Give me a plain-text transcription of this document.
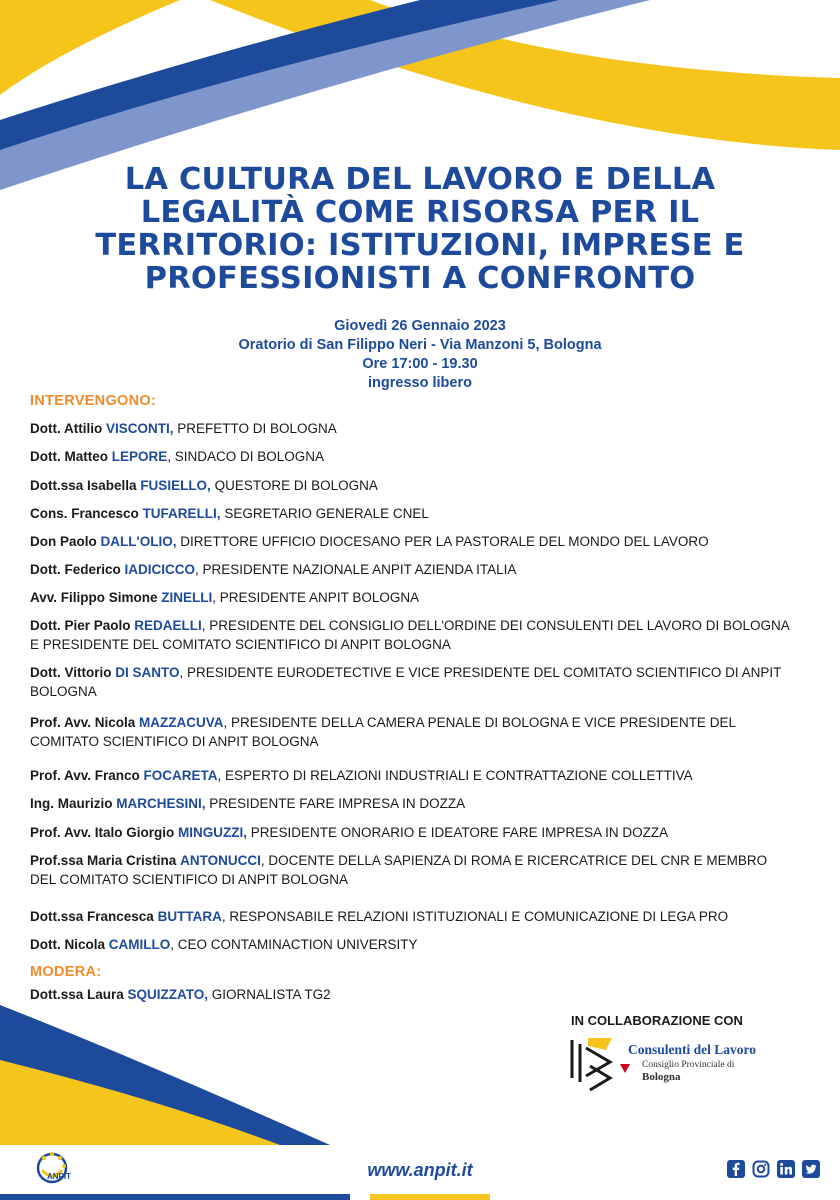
LA CULTURA DEL LAVORO E DELLA LEGALITÀ COME RISORSA PER IL TERRITORIO: ISTITUZIONI, IMPRESE E PROFESSIONISTI A CONFRONTO
Giovedì 26 Gennaio 2023
Oratorio di San Filippo Neri - Via Manzoni 5, Bologna
Ore 17:00 - 19.30
ingresso libero
INTERVENGONO:
Dott. Attilio VISCONTI, PREFETTO DI BOLOGNA
Dott. Matteo LEPORE, SINDACO DI BOLOGNA
Dott.ssa Isabella FUSIELLO, QUESTORE DI BOLOGNA
Cons. Francesco TUFARELLI, SEGRETARIO GENERALE CNEL
Don Paolo DALL'OLIO, DIRETTORE UFFICIO DIOCESANO PER LA PASTORALE DEL MONDO DEL LAVORO
Dott. Federico IADICICCO, PRESIDENTE NAZIONALE ANPIT AZIENDA ITALIA
Avv. Filippo Simone ZINELLI, PRESIDENTE ANPIT BOLOGNA
Dott. Pier Paolo REDAELLI, PRESIDENTE DEL CONSIGLIO DELL'ORDINE DEI CONSULENTI DEL LAVORO DI BOLOGNA E PRESIDENTE DEL COMITATO SCIENTIFICO DI ANPIT BOLOGNA
Dott. Vittorio DI SANTO, PRESIDENTE EURODETECTIVE E VICE PRESIDENTE DEL COMITATO SCIENTIFICO DI ANPIT BOLOGNA
Prof. Avv. Nicola MAZZACUVA, PRESIDENTE DELLA CAMERA PENALE DI BOLOGNA E VICE PRESIDENTE DEL COMITATO SCIENTIFICO DI ANPIT BOLOGNA
Prof. Avv. Franco FOCARETA, ESPERTO DI RELAZIONI INDUSTRIALI E CONTRATTAZIONE COLLETTIVA
Ing. Maurizio MARCHESINI, PRESIDENTE FARE IMPRESA IN DOZZA
Prof. Avv. Italo Giorgio MINGUZZI, PRESIDENTE ONORARIO E IDEATORE FARE IMPRESA IN DOZZA
Prof.ssa Maria Cristina ANTONUCCI, DOCENTE DELLA SAPIENZA DI ROMA E RICERCATRICE DEL CNR E MEMBRO DEL COMITATO SCIENTIFICO DI ANPIT BOLOGNA
Dott.ssa Francesca BUTTARA, RESPONSABILE RELAZIONI ISTITUZIONALI E COMUNICAZIONE DI LEGA PRO
Dott. Nicola CAMILLO, CEO CONTAMINACTION UNIVERSITY
MODERA:
Dott.ssa Laura SQUIZZATO, GIORNALISTA TG2
IN COLLABORAZIONE CON
Consulenti del Lavoro
Consiglio Provinciale di
Bologna
ANPIT	www.anpit.it
